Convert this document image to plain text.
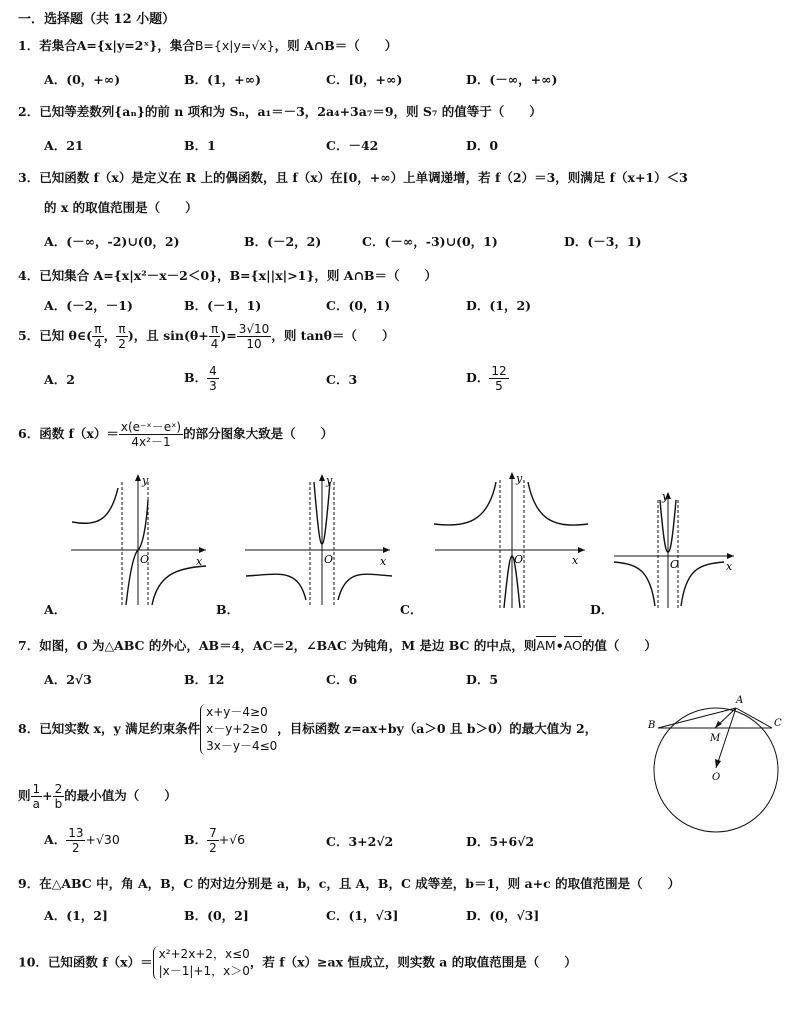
一．选择题（共 12 小题）
1．若集合A={x|y=2ˣ}，集合B={x|y=√x}，则 A∩B＝（　　）
A．(0，+∞)	B．(1，+∞)	C．[0，+∞)	D．(－∞，+∞)
2．已知等差数列{aₙ}的前 n 项和为 Sₙ，a₁＝－3，2a₄+3a₇＝9，则 S₇ 的值等于（　　）
A．21	B．1	C．－42	D．0
3．已知函数 f（x）是定义在 R 上的偶函数，且 f（x）在[0，+∞）上单调递增，若 f（2）＝3，则满足 f（x+1）＜3
的 x 的取值范围是（　　）
A．(－∞，-2)∪(0，2)	B．(－2，2)	C．(－∞，-3)∪(0，1)	D．(－3，1)
4．已知集合 A={x|x²－x－2＜0}，B={x||x|>1}，则 A∩B＝（　　）
A．(－2，－1)	B．(－1，1)	C．(0，1)	D．(1，2)
5．已知 θ∈( $\frac{\pi}{4}$ ， $\frac{\pi}{2}$ )，且 $\sin(\theta+ \frac{\pi}{4}$ )= $\frac{3√10}{10}$ ，则 tanθ＝（　　）
A．2	B． $\frac{4}{3}$	C．3	D． $\frac{12}{5}$
6．函数 $f(x)= \frac{\text{x(e⁻ˣ－eˣ)}}{\text{4x²－1}}$ 的部分图象大致是（　　）
y
x
O
A．
y
x
O
B．
y
x
O
C．
y
x
O
D．
7．如图，O 为△ABC 的外心，AB＝4，AC＝2，∠BAC 为钝角，M 是边 BC 的中点，则AM•AO的值（　　）
A．2√3	B．12	C．6	D．5
8．已知实数 x，y 满足约束条件
x+y－4≥0
x－y+2≥0
3x－y－4≤0
，目标函数 z=ax+by（a＞0 且 b＞0）的最大值为 2，
则 $\frac{1}{a} + \frac{2}{b}$ 的最小值为（　　）
A． $\frac{13}{2} +√30$	B． $\frac{7}{2} +√6$	C．3+2√2	D．5+6√2
A
B	C
M
O
9．在△ABC 中，角 A，B，C 的对边分别是 a，b，c，且 A，B，C 成等差，b＝1，则 a+c 的取值范围是（　　）
A．(1，2]	B．(0，2]	C．(1，√3]	D．(0，√3]
10．已知函数 f（x）＝
x²+2x+2，x≤0
|x－1|+1，x＞0
，若 f（x）≥ax 恒成立，则实数 a 的取值范围是（　　）
